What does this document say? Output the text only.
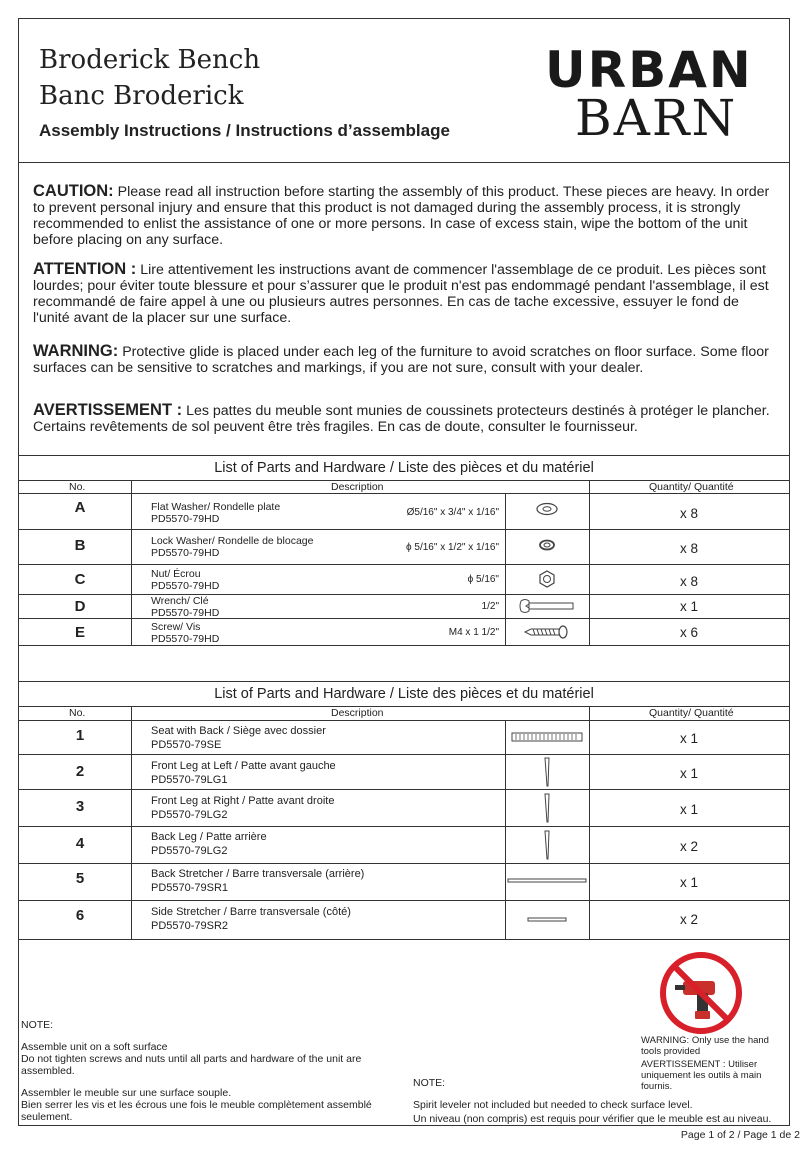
Broderick Bench
Banc Broderick
Assembly Instructions / Instructions d’assemblage
URBAN
BARN
CAUTION: Please read all instruction before starting the assembly of this product. These pieces are heavy. In order to prevent personal injury and ensure that this product is not damaged during the assembly process, it is strongly recommended to enlist the assistance of one or more persons. In case of excess stain, wipe the bottom of the unit before placing on any surface.
ATTENTION : Lire attentivement les instructions avant de commencer l'assemblage de ce produit. Les pièces sont lourdes; pour éviter toute blessure et pour s’assurer que le produit n'est pas endommagé pendant l'assemblage, il est recommandé de faire appel à une ou plusieurs autres personnes. En cas de tache excessive, essuyer le fond de l'unité avant de la placer sur une surface.
WARNING: Protective glide is placed under each leg of the furniture to avoid scratches on floor surface. Some floor surfaces can be sensitive to scratches and markings, if you are not sure, consult with your dealer.
AVERTISSEMENT : Les pattes du meuble sont munies de coussinets protecteurs destinés à protéger le plancher. Certains revêtements de sol peuvent être très fragiles. En cas de doute, consulter le fournisseur.
List of Parts and Hardware / Liste des pièces et du matériel
No.	Description	Quantity/ Quantité
A	Flat Washer/ Rondelle plate
PD5570-79HD
Ø5/16" x 3/4" x 1/16"	x 8
B	Lock Washer/ Rondelle de blocage
PD5570-79HD	ϕ 5/16" x 1/2" x 1/16"	x 8
C	Nut/ Écrou
PD5570-79HD
ϕ 5/16"	x 8
D	Wrench/ Clé
PD5570-79HD
1/2"	x 1
E	Screw/ Vis
PD5570-79HD
M4 x 1 1/2"	x 6
List of Parts and Hardware / Liste des pièces et du matériel
No.	Description	Quantity/ Quantité
1	Seat with Back / Siège avec dossier
PD5570-79SE	x 1
2	Front Leg at Left / Patte avant gauche
PD5570-79LG1	x 1
3	Front Leg at Right / Patte avant droite
PD5570-79LG2	x 1
4	Back Leg / Patte arrière
PD5570-79LG2	x 2
5	Back Stretcher / Barre transversale (arrière)
PD5570-79SR1	x 1
6	Side Stretcher / Barre transversale (côté)
PD5570-79SR2	x 2
NOTE:
Assemble unit on a soft surface
Do not tighten screws and nuts until all parts and hardware of the unit are assembled.
Assembler le meuble sur une surface souple.
Bien serrer les vis et les écrous une fois le meuble complètement assemblé seulement.
WARNING: Only use the hand tools provided
AVERTISSEMENT : Utiliser uniquement les outils à main fournis.
NOTE:
Spirit leveler not included but needed to check surface level.
Un niveau (non compris) est requis pour vérifier que le meuble est au niveau.
Page 1 of 2 / Page 1 de 2
